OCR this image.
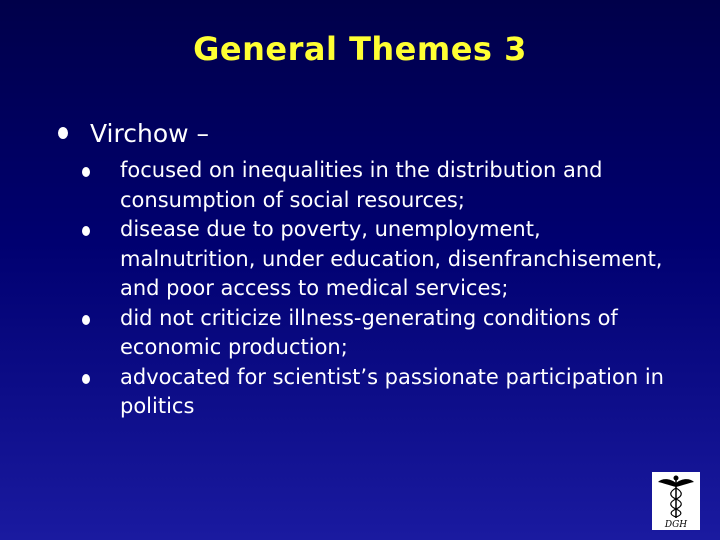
General Themes 3
Virchow –
focused on inequalities in the distribution and consumption of social resources;
disease due to poverty, unemployment, malnutrition, under education, disenfranchisement, and poor access to medical services;
did not criticize illness-generating conditions of economic production;
advocated for scientist’s passionate participation in politics
DGH
